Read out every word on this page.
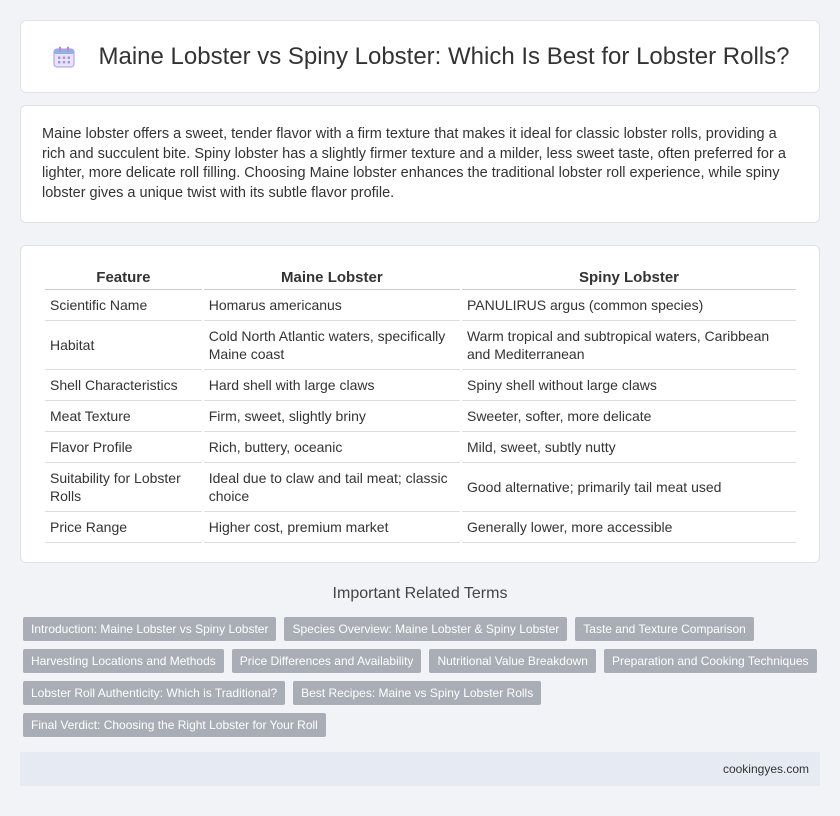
Maine Lobster vs Spiny Lobster: Which Is Best for Lobster Rolls?

Maine lobster offers a sweet, tender flavor with a firm texture that makes it ideal for classic lobster rolls, providing a rich and succulent bite. Spiny lobster has a slightly firmer texture and a milder, less sweet taste, often preferred for a lighter, more delicate roll filling. Choosing Maine lobster enhances the traditional lobster roll experience, while spiny lobster gives a unique twist with its subtle flavor profile.

Feature	Maine Lobster	Spiny Lobster
Scientific Name	Homarus americanus	PANULIRUS argus (common species)
Habitat	Cold North Atlantic waters, specifically Maine coast	Warm tropical and subtropical waters, Caribbean and Mediterranean
Shell Characteristics	Hard shell with large claws	Spiny shell without large claws
Meat Texture	Firm, sweet, slightly briny	Sweeter, softer, more delicate
Flavor Profile	Rich, buttery, oceanic	Mild, sweet, subtly nutty
Suitability for Lobster Rolls	Ideal due to claw and tail meat; classic choice	Good alternative; primarily tail meat used
Price Range	Higher cost, premium market	Generally lower, more accessible
Important Related Terms
Introduction: Maine Lobster vs Spiny Lobster	Species Overview: Maine Lobster & Spiny Lobster	Taste and Texture Comparison
Harvesting Locations and Methods	Price Differences and Availability	Nutritional Value Breakdown	Preparation and Cooking Techniques
Lobster Roll Authenticity: Which is Traditional?	Best Recipes: Maine vs Spiny Lobster Rolls
Final Verdict: Choosing the Right Lobster for Your Roll
cookingyes.com
